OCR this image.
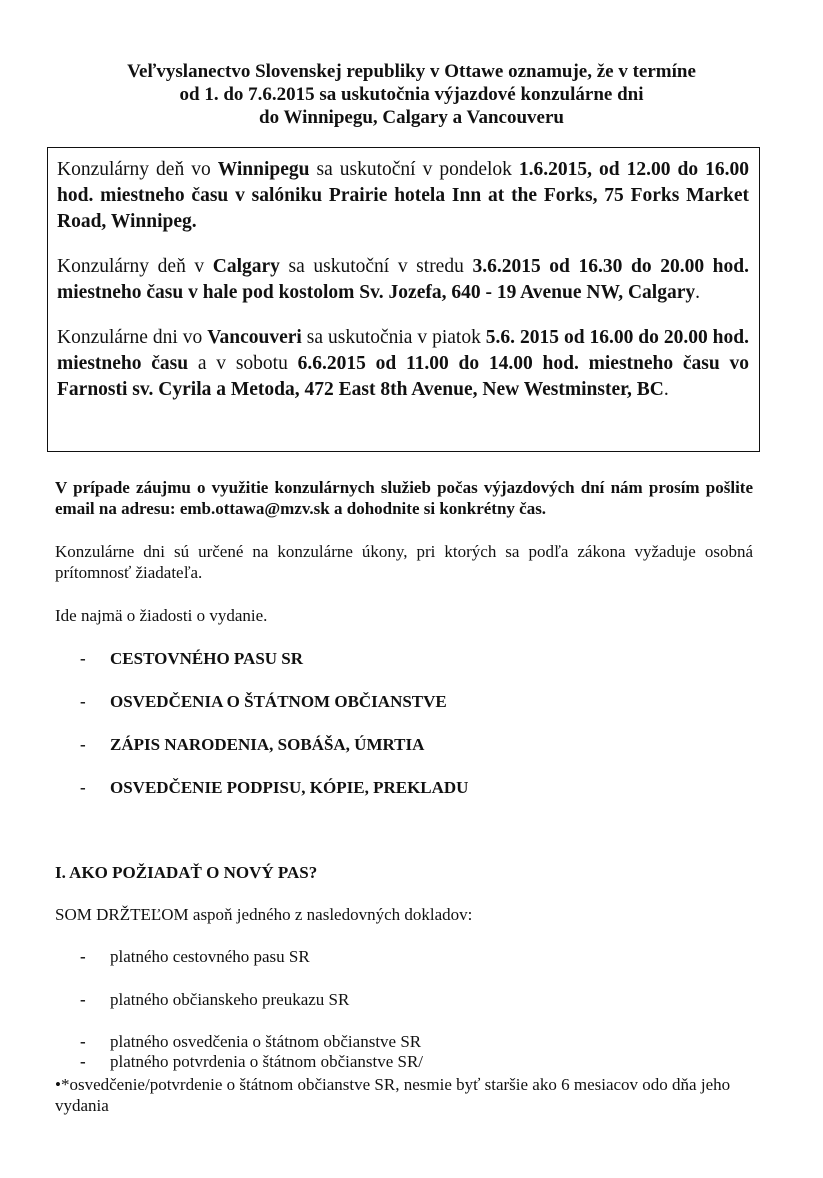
Veľvyslanectvo Slovenskej republiky v Ottawe oznamuje, že v termíne
od 1. do 7.6.2015 sa uskutočnia výjazdové konzulárne dni
do Winnipegu, Calgary a Vancouveru

Konzulárny deň vo Winnipegu sa uskutoční v pondelok 1.6.2015, od 12.00 do 16.00 hod. miestneho času v salóniku Prairie hotela Inn at the Forks, 75 Forks Market Road, Winnipeg.

Konzulárny deň v Calgary sa uskutoční v stredu 3.6.2015 od 16.30 do 20.00 hod. miestneho času v hale pod kostolom Sv. Jozefa, 640 - 19 Avenue NW, Calgary.

Konzulárne dni vo Vancouveri sa uskutočnia v piatok 5.6. 2015 od 16.00 do 20.00 hod. miestneho času a v sobotu 6.6.2015 od 11.00 do 14.00 hod. miestneho času vo Farnosti sv. Cyrila a Metoda, 472 East 8th Avenue, New Westminster, BC.

V prípade záujmu o využitie konzulárnych služieb počas výjazdových dní nám prosím pošlite email na adresu: emb.ottawa@mzv.sk a dohodnite si konkrétny čas.
Konzulárne dni sú určené na konzulárne úkony, pri ktorých sa podľa zákona vyžaduje osobná prítomnosť žiadateľa.
Ide najmä o žiadosti o vydanie.
- CESTOVNÉHO PASU SR
- OSVEDČENIA O ŠTÁTNOM OBČIANSTVE
- ZÁPIS NARODENIA, SOBÁŠA, ÚMRTIA
- OSVEDČENIE PODPISU, KÓPIE, PREKLADU
I. AKO POŽIADAŤ O NOVÝ PAS?
SOM DRŽTEĽOM aspoň jedného z nasledovných dokladov:
- platného cestovného pasu SR
- platného občianskeho preukazu SR
- platného osvedčenia o štátnom občianstve SR
- platného potvrdenia o štátnom občianstve SR/
•*osvedčenie/potvrdenie o štátnom občianstve SR, nesmie byť staršie ako 6 mesiacov odo dňa jeho vydania
